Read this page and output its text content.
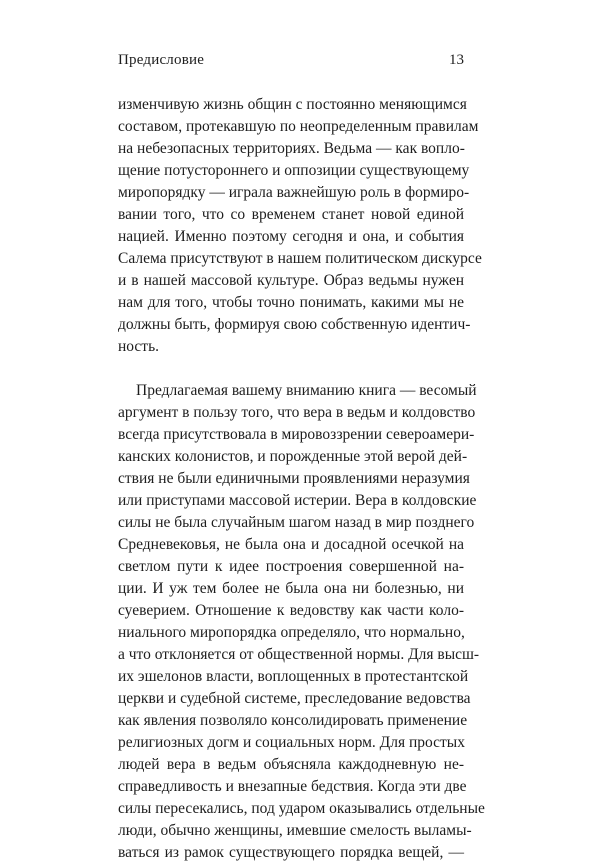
Предисловие	13
изменчивую жизнь общин с постоянно меняющимся
составом, протекавшую по неопределенным правилам
на небезопасных территориях. Ведьма — как вопло-
щение потустороннего и оппозиции существующему
миропорядку — играла важнейшую роль в формиро-
вании того, что со временем станет новой единой
нацией. Именно поэтому сегодня и она, и события
Салема присутствуют в нашем политическом дискурсе
и в нашей массовой культуре. Образ ведьмы нужен
нам для того, чтобы точно понимать, какими мы не
должны быть, формируя свою собственную идентич-
ность.
Предлагаемая вашему вниманию книга — весомый
аргумент в пользу того, что вера в ведьм и колдовство
всегда присутствовала в мировоззрении североамери-
канских колонистов, и порожденные этой верой дей-
ствия не были единичными проявлениями неразумия
или приступами массовой истерии. Вера в колдовские
силы не была случайным шагом назад в мир позднего
Средневековья, не была она и досадной осечкой на
светлом пути к идее построения совершенной на-
ции. И уж тем более не была она ни болезнью, ни
суеверием. Отношение к ведовству как части коло-
ниального миропорядка определяло, что нормально,
а что отклоняется от общественной нормы. Для высш-
их эшелонов власти, воплощенных в протестантской
церкви и судебной системе, преследование ведовства
как явления позволяло консолидировать применение
религиозных догм и социальных норм. Для простых
людей вера в ведьм объясняла каждодневную не-
справедливость и внезапные бедствия. Когда эти две
силы пересекались, под ударом оказывались отдельные
люди, обычно женщины, имевшие смелость выламы-
ваться из рамок существующего порядка вещей, —
